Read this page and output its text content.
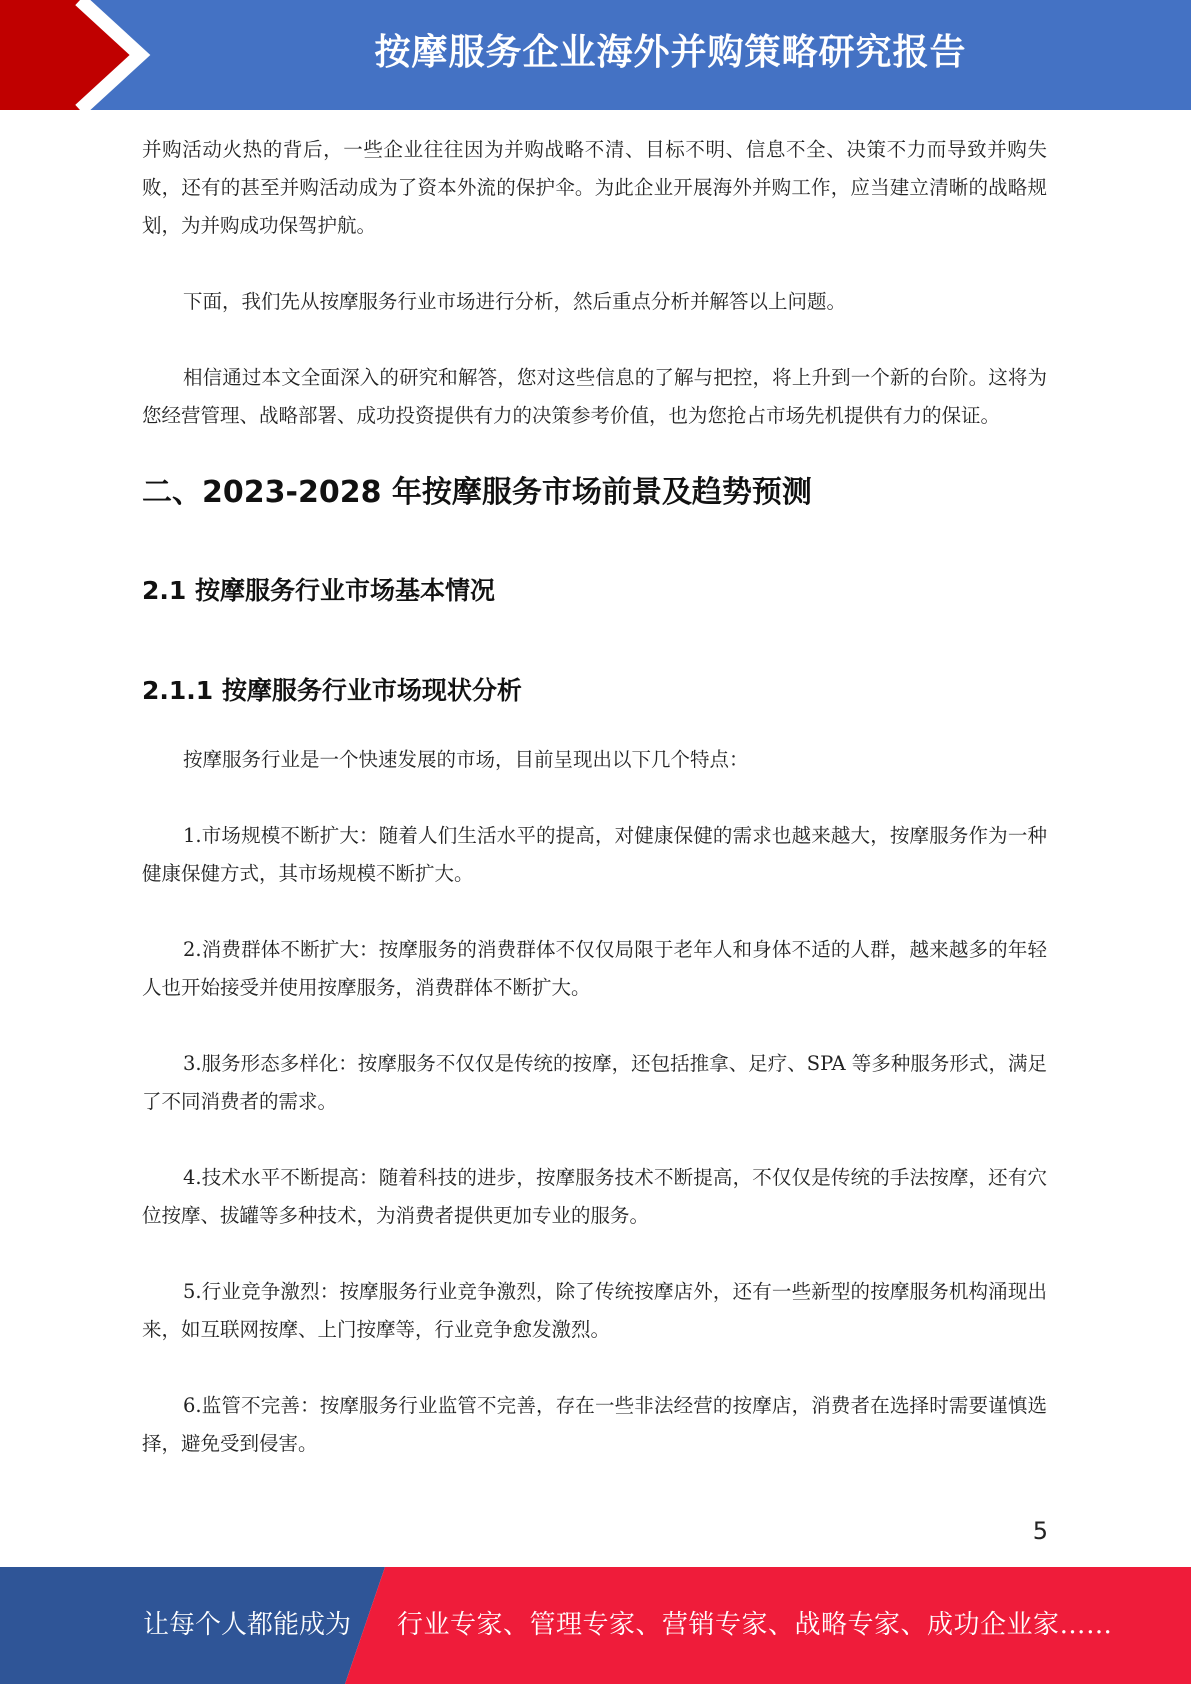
按摩服务企业海外并购策略研究报告

并购活动火热的背后，一些企业往往因为并购战略不清、目标不明、信息不全、决策不力而导致并购失败，还有的甚至并购活动成为了资本外流的保护伞。为此企业开展海外并购工作，应当建立清晰的战略规划，为并购成功保驾护航。

下面，我们先从按摩服务行业市场进行分析，然后重点分析并解答以上问题。

相信通过本文全面深入的研究和解答，您对这些信息的了解与把控，将上升到一个新的台阶。这将为您经营管理、战略部署、成功投资提供有力的决策参考价值，也为您抢占市场先机提供有力的保证。

二、2023-2028 年按摩服务市场前景及趋势预测
2.1 按摩服务行业市场基本情况
2.1.1 按摩服务行业市场现状分析

按摩服务行业是一个快速发展的市场，目前呈现出以下几个特点：

1.市场规模不断扩大：随着人们生活水平的提高，对健康保健的需求也越来越大，按摩服务作为一种健康保健方式，其市场规模不断扩大。

2.消费群体不断扩大：按摩服务的消费群体不仅仅局限于老年人和身体不适的人群，越来越多的年轻人也开始接受并使用按摩服务，消费群体不断扩大。

3.服务形态多样化：按摩服务不仅仅是传统的按摩，还包括推拿、足疗、SPA 等多种服务形式，满足了不同消费者的需求。

4.技术水平不断提高：随着科技的进步，按摩服务技术不断提高，不仅仅是传统的手法按摩，还有穴位按摩、拔罐等多种技术，为消费者提供更加专业的服务。

5.行业竞争激烈：按摩服务行业竞争激烈，除了传统按摩店外，还有一些新型的按摩服务机构涌现出来，如互联网按摩、上门按摩等，行业竞争愈发激烈。

6.监管不完善：按摩服务行业监管不完善，存在一些非法经营的按摩店，消费者在选择时需要谨慎选择，避免受到侵害。

5
让每个人都能成为 行业专家、管理专家、营销专家、战略专家、成功企业家……
